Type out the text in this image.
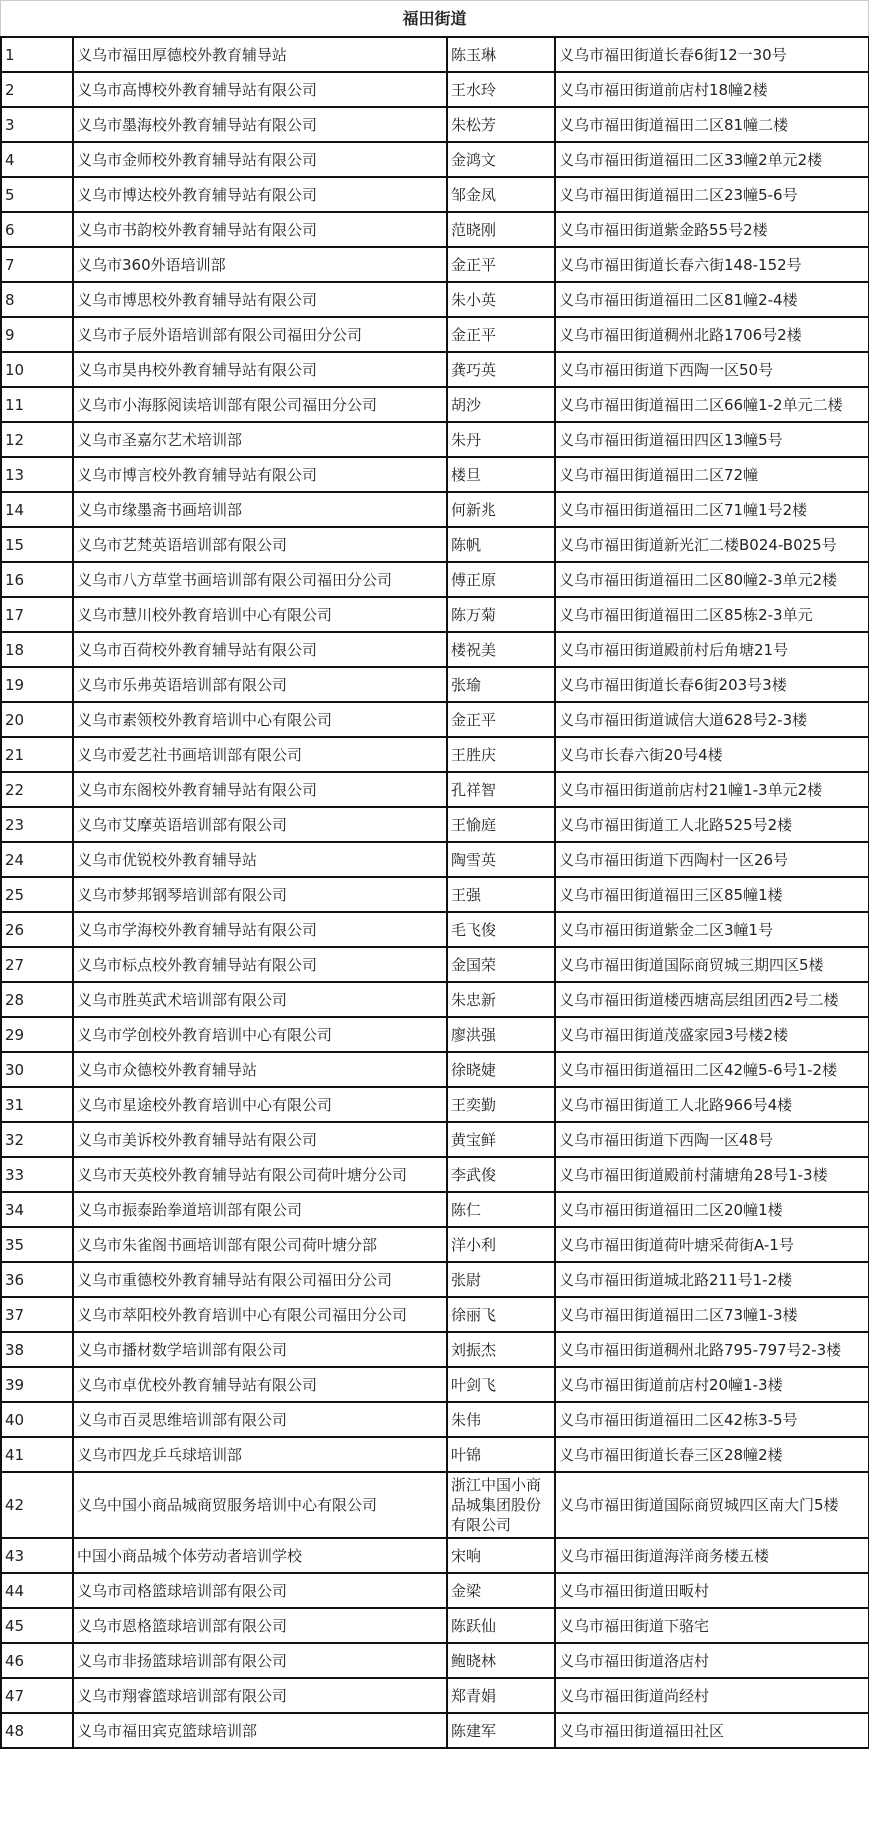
福田街道
1	义乌市福田厚德校外教育辅导站	陈玉琳	义乌市福田街道长春6街12一30号
2	义乌市高博校外教育辅导站有限公司	王水玲	义乌市福田街道前店村18幢2楼
3	义乌市墨海校外教育辅导站有限公司	朱松芳	义乌市福田街道福田二区81幢二楼
4	义乌市金师校外教育辅导站有限公司	金鸿文	义乌市福田街道福田二区33幢2单元2楼
5	义乌市博达校外教育辅导站有限公司	邹金凤	义乌市福田街道福田二区23幢5-6号
6	义乌市书韵校外教育辅导站有限公司	范晓刚	义乌市福田街道紫金路55号2楼
7	义乌市360外语培训部	金正平	义乌市福田街道长春六街148-152号
8	义乌市博思校外教育辅导站有限公司	朱小英	义乌市福田街道福田二区81幢2-4楼
9	义乌市子辰外语培训部有限公司福田分公司	金正平	义乌市福田街道稠州北路1706号2楼
10	义乌市昊冉校外教育辅导站有限公司	龚巧英	义乌市福田街道下西陶一区50号
11	义乌市小海豚阅读培训部有限公司福田分公司	胡沙	义乌市福田街道福田二区66幢1-2单元二楼
12	义乌市圣嘉尔艺术培训部	朱丹	义乌市福田街道福田四区13幢5号
13	义乌市博言校外教育辅导站有限公司	楼旦	义乌市福田街道福田二区72幢
14	义乌市缘墨斋书画培训部	何新兆	义乌市福田街道福田二区71幢1号2楼
15	义乌市艺梵英语培训部有限公司	陈帆	义乌市福田街道新光汇二楼B024-B025号
16	义乌市八方草堂书画培训部有限公司福田分公司	傅正原	义乌市福田街道福田二区80幢2-3单元2楼
17	义乌市慧川校外教育培训中心有限公司	陈万菊	义乌市福田街道福田二区85栋2-3单元
18	义乌市百荷校外教育辅导站有限公司	楼祝美	义乌市福田街道殿前村后角塘21号
19	义乌市乐弗英语培训部有限公司	张瑜	义乌市福田街道长春6街203号3楼
20	义乌市素领校外教育培训中心有限公司	金正平	义乌市福田街道诚信大道628号2-3楼
21	义乌市爱艺社书画培训部有限公司	王胜庆	义乌市长春六街20号4楼
22	义乌市东阁校外教育辅导站有限公司	孔祥智	义乌市福田街道前店村21幢1-3单元2楼
23	义乌市艾摩英语培训部有限公司	王愉庭	义乌市福田街道工人北路525号2楼
24	义乌市优锐校外教育辅导站	陶雪英	义乌市福田街道下西陶村一区26号
25	义乌市梦邦钢琴培训部有限公司	王强	义乌市福田街道福田三区85幢1楼
26	义乌市学海校外教育辅导站有限公司	毛飞俊	义乌市福田街道紫金二区3幢1号
27	义乌市标点校外教育辅导站有限公司	金国荣	义乌市福田街道国际商贸城三期四区5楼
28	义乌市胜英武术培训部有限公司	朱忠新	义乌市福田街道楼西塘高层组团西2号二楼
29	义乌市学创校外教育培训中心有限公司	廖洪强	义乌市福田街道茂盛家园3号楼2楼
30	义乌市众德校外教育辅导站	徐晓婕	义乌市福田街道福田二区42幢5-6号1-2楼
31	义乌市星途校外教育培训中心有限公司	王奕勤	义乌市福田街道工人北路966号4楼
32	义乌市美诉校外教育辅导站有限公司	黄宝鲜	义乌市福田街道下西陶一区48号
33	义乌市天英校外教育辅导站有限公司荷叶塘分公司	李武俊	义乌市福田街道殿前村蒲塘角28号1-3楼
34	义乌市振泰跆拳道培训部有限公司	陈仁	义乌市福田街道福田二区20幢1楼
35	义乌市朱雀阁书画培训部有限公司荷叶塘分部	洋小利	义乌市福田街道荷叶塘采荷街A-1号
36	义乌市重德校外教育辅导站有限公司福田分公司	张尉	义乌市福田街道城北路211号1-2楼
37	义乌市萃阳校外教育培训中心有限公司福田分公司	徐丽飞	义乌市福田街道福田二区73幢1-3楼
38	义乌市播材数学培训部有限公司	刘振杰	义乌市福田街道稠州北路795-797号2-3楼
39	义乌市卓优校外教育辅导站有限公司	叶剑飞	义乌市福田街道前店村20幢1-3楼
40	义乌市百灵思维培训部有限公司	朱伟	义乌市福田街道福田二区42栋3-5号
41	义乌市四龙乒乓球培训部	叶锦	义乌市福田街道长春三区28幢2楼
42	义乌中国小商品城商贸服务培训中心有限公司	浙江中国小商品城集团股份有限公司	义乌市福田街道国际商贸城四区南大门5楼
43	中国小商品城个体劳动者培训学校	宋响	义乌市福田街道海洋商务楼五楼
44	义乌市司格篮球培训部有限公司	金梁	义乌市福田街道田畈村
45	义乌市恩格篮球培训部有限公司	陈跃仙	义乌市福田街道下骆宅
46	义乌市非扬篮球培训部有限公司	鲍晓林	义乌市福田街道洛店村
47	义乌市翔睿篮球培训部有限公司	郑青娟	义乌市福田街道尚经村
48	义乌市福田宾克篮球培训部	陈建军	义乌市福田街道福田社区
